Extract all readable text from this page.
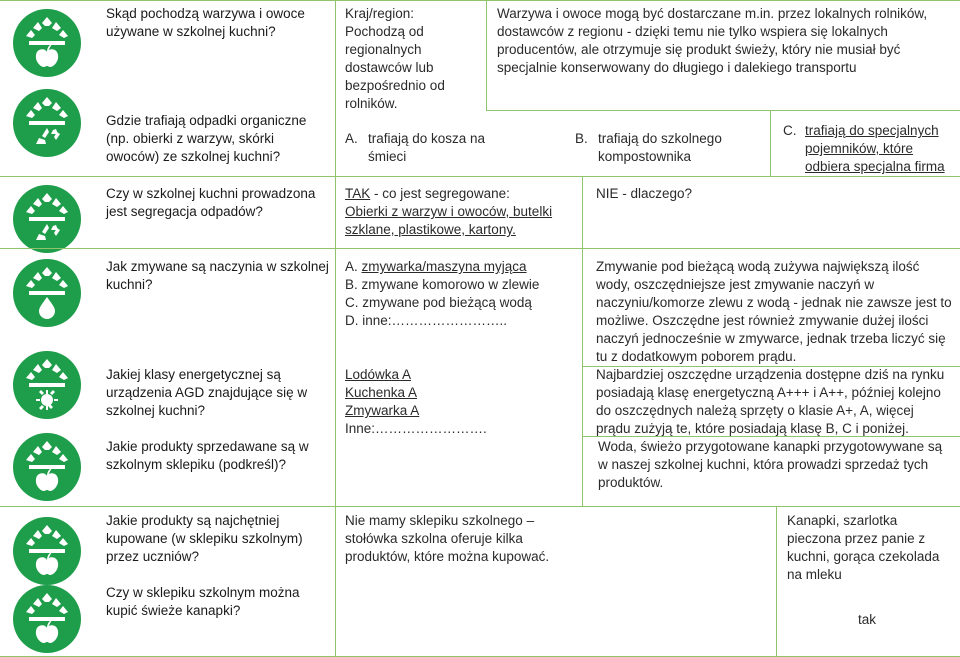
Skąd pochodzą warzywa i owoce używane w szkolnej kuchni?
Gdzie trafiają odpadki organiczne (np. obierki z warzyw, skórki owoców) ze szkolnej kuchni?
Kraj/region: Pochodzą od regionalnych dostawców lub bezpośrednio od rolników.
Warzywa i owoce mogą być dostarczane m.in. przez lokalnych rolników, dostawców z regionu - dzięki temu nie tylko wspiera się lokalnych producentów, ale otrzymuje się produkt świeży, który nie musiał być specjalnie konserwowany do długiego i dalekiego transportu
A. trafiają do kosza na śmieci
B. trafiają do szkolnego kompostownika
C. trafiają do specjalnych pojemników, które odbiera specjalna firma
Czy w szkolnej kuchni prowadzona jest segregacja odpadów?
TAK - co jest segregowane:
Obierki z warzyw i owoców, butelki szklane, plastikowe, kartony.
NIE - dlaczego?
Jak zmywane są naczynia w szkolnej kuchni?
Jakiej klasy energetycznej są urządzenia AGD znajdujące się w szkolnej kuchni?
Jakie produkty sprzedawane są w szkolnym sklepiku (podkreśl)?
A. zmywarka/maszyna myjąca
B. zmywane komorowo w zlewie
C. zmywane pod bieżącą wodą
D. inne:……………………..
Lodówka A
Kuchenka A
Zmywarka A
Inne:…………………….
Zmywanie pod bieżącą wodą zużywa największą ilość wody, oszczędniejsze jest zmywanie naczyń w naczyniu/komorze zlewu z wodą - jednak nie zawsze jest to możliwe. Oszczędne jest również zmywanie dużej ilości naczyń jednocześnie w zmywarce, jednak trzeba liczyć się tu z dodatkowym poborem prądu.
Najbardziej oszczędne urządzenia dostępne dziś na rynku posiadają klasę energetyczną A+++ i A++, później kolejno do oszczędnych należą sprzęty o klasie A+, A, więcej prądu zużyją te, które posiadają klasę B, C i poniżej.
Woda, świeżo przygotowane kanapki przygotowywane są w naszej szkolnej kuchni, która prowadzi sprzedaż tych produktów.
Jakie produkty są najchętniej kupowane (w sklepiku szkolnym) przez uczniów?
Czy w sklepiku szkolnym można kupić świeże kanapki?
Nie mamy sklepiku szkolnego – stołówka szkolna oferuje kilka produktów, które można kupować.
Kanapki, szarlotka pieczona przez panie z kuchni, gorąca czekolada na mleku
tak
